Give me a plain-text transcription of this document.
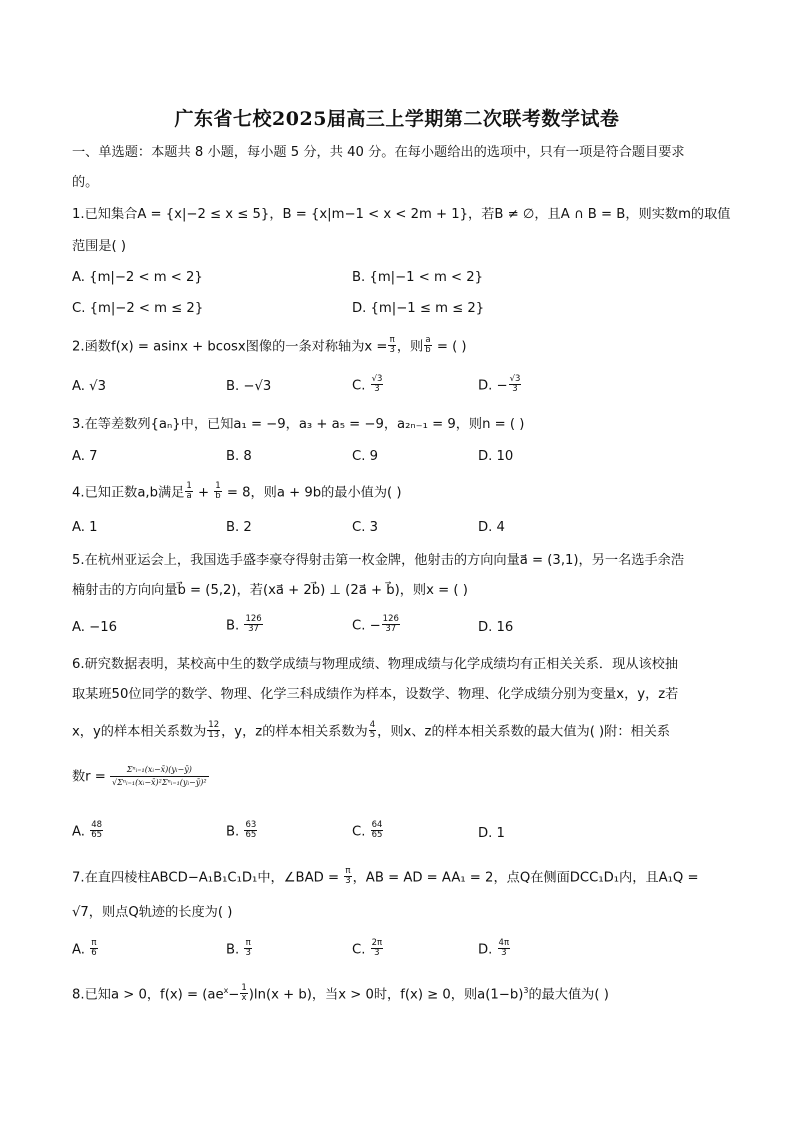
广东省七校2025届高三上学期第二次联考数学试卷
一、单选题：本题共 8 小题，每小题 5 分，共 40 分。在每小题给出的选项中，只有一项是符合题目要求
的。
1.已知集合A = {x|−2 ≤ x ≤ 5}，B = {x|m−1 < x < 2m + 1}，若B ≠ ∅，且A ∩ B = B，则实数m的取值
范围是( )
A. {m|−2 < m < 2}	B. {m|−1 < m < 2}
C. {m|−2 < m ≤ 2}	D. {m|−1 ≤ m ≤ 2}
2.函数f(x) = asinx + bcosx图像的一条对称轴为$x = \frac{\pi}{3}$ ，则 $\frac{a}{b}$ = ( )
A. √3	B. −√3	C. $\frac{√3}{3}$	D. − $\frac{√3}{3}$
3.在等差数列{aₙ}中，已知a₁ = −9，a₃ + a₅ = −9，a₂ₙ₋₁ = 9，则n = ( )
A. 7	B. 8	C. 9	D. 10
4.已知正数a,b满足 $\frac{1}{a} + \frac{1}{b} = 8$，则a + 9b的最小值为( )
A. 1	B. 2	C. 3	D. 4
5.在杭州亚运会上，我国选手盛李豪夺得射击第一枚金牌，他射击的方向向量a⃗ = (3,1)，另一名选手余浩
楠射击的方向向量b⃗ = (5,2)，若(xa⃗ + 2b⃗) ⊥ (2a⃗ + b⃗)，则x = ( )
A. −16	B. $\frac{126}{37}$	C. − $\frac{126}{37}$	D. 16
6.研究数据表明，某校高中生的数学成绩与物理成绩、物理成绩与化学成绩均有正相关关系．现从该校抽
取某班50位同学的数学、物理、化学三科成绩作为样本，设数学、物理、化学成绩分别为变量x，y，z若
x，y的样本相关系数为 $\frac{12}{13}$ ，y，z的样本相关系数为 $\frac{4}{5}$ ，则x、z的样本相关系数的最大值为( )附：相关系
数$r = \frac{\text{Σⁿᵢ₌₁(xᵢ−x̄)(yᵢ−ȳ)}}{\text{√Σⁿᵢ₌₁(xᵢ−x̄)²Σⁿᵢ₌₁(yᵢ−ȳ)²}}$
A. $\frac{48}{65}$	B. $\frac{63}{65}$	C. $\frac{64}{65}$	D. 1
7.在直四棱柱ABCD−A₁B₁C₁D₁中，∠BAD = $\frac{\pi}{3}$ ，AB = AD = AA₁ = 2，点Q在侧面DCC₁D₁内，且A₁Q =
√7，则点Q轨迹的长度为( )
A. $\frac{\pi}{6}$	B. $\frac{\pi}{3}$	C. $\frac{2\pi}{3}$	D. $\frac{4\pi}{3}$
8.已知a > 0，$f(x) = (ae^x- \frac{1}{x} )\ln(x + b)$，当x > 0时，f(x) ≥ 0，则$a(1-b)^3$的最大值为( )
